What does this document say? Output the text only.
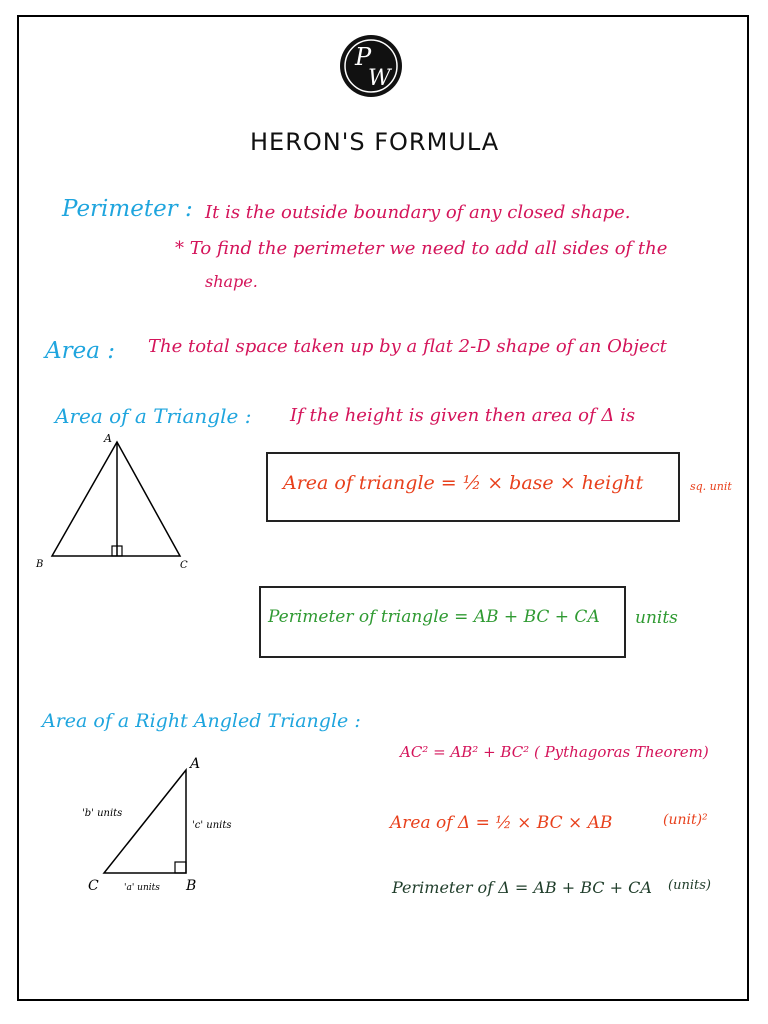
P
W
HERON'S FORMULA
Perimeter : It is the outside boundary of any closed shape.
* To find the perimeter we need to add all sides of the
shape.
Area : The total space taken up by a flat 2-D shape of an Object
Area of a Triangle : If the height is given then area of Δ is
A
B	C
Area of triangle = ½ × base × height	sq. unit
Perimeter of triangle = AB + BC + CA units
Area of a Right Angled Triangle :
A
C	B
'b' units
'c' units
'a' units
AC² = AB² + BC² ( Pythagoras Theorem)
Area of Δ = ½ × BC × AB	(unit)²
Perimeter of Δ = AB + BC + CA (units)
